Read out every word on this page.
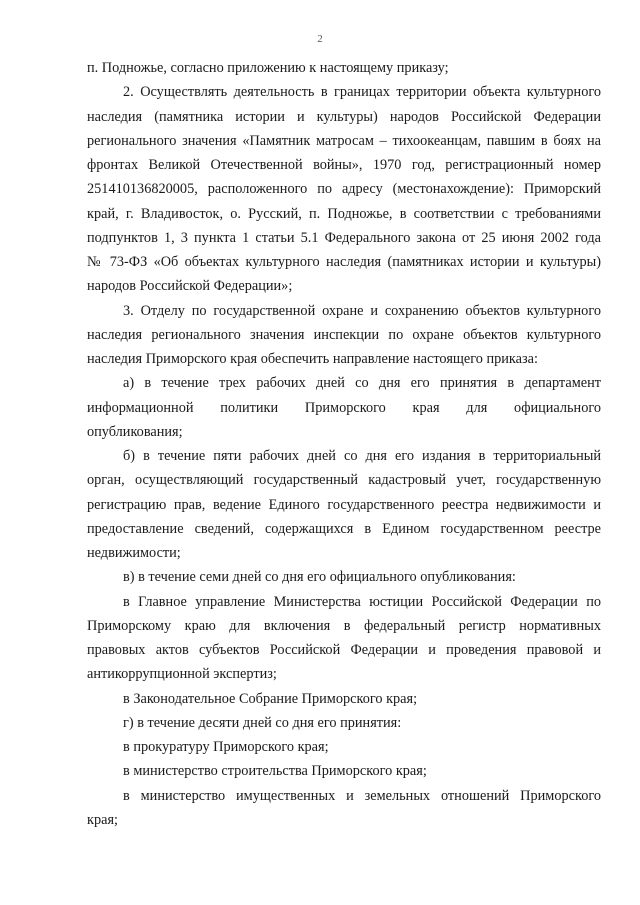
2
п. Подножье, согласно приложению к настоящему приказу;
2. Осуществлять деятельность в границах территории объекта культурного
наследия (памятника истории и культуры) народов Российской Федерации
регионального значения «Памятник матросам – тихоокеанцам, павшим в боях на
фронтах Великой Отечественной войны», 1970 год, регистрационный номер
251410136820005, расположенного по адресу (местонахождение): Приморский
край, г. Владивосток, о. Русский, п. Подножье, в соответствии с требованиями
подпунктов 1, 3 пункта 1 статьи 5.1 Федерального закона от 25 июня 2002 года
№ 73-ФЗ «Об объектах культурного наследия (памятниках истории и культуры)
народов Российской Федерации»;
3. Отделу по государственной охране и сохранению объектов культурного
наследия регионального значения инспекции по охране объектов культурного
наследия Приморского края обеспечить направление настоящего приказа:
а) в течение трех рабочих дней со дня его принятия в департамент
информационной политики Приморского края для официального
опубликования;
б) в течение пяти рабочих дней со дня его издания в территориальный
орган, осуществляющий государственный кадастровый учет, государственную
регистрацию прав, ведение Единого государственного реестра недвижимости и
предоставление сведений, содержащихся в Едином государственном реестре
недвижимости;
в) в течение семи дней со дня его официального опубликования:
в Главное управление Министерства юстиции Российской Федерации по
Приморскому краю для включения в федеральный регистр нормативных
правовых актов субъектов Российской Федерации и проведения правовой и
антикоррупционной экспертиз;
в Законодательное Собрание Приморского края;
г) в течение десяти дней со дня его принятия:
в прокуратуру Приморского края;
в министерство строительства Приморского края;
в министерство имущественных и земельных отношений Приморского
края;
